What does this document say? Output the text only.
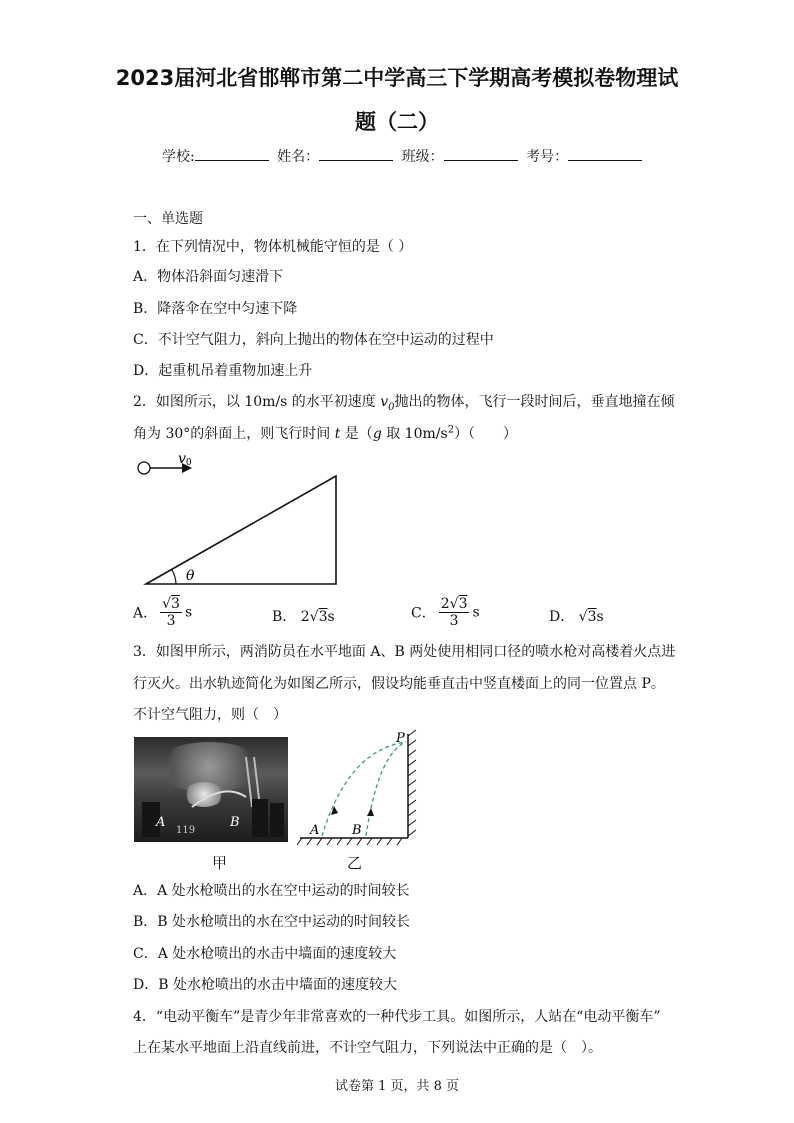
2023届河北省邯郸市第二中学高三下学期高考模拟卷物理试
题（二）
学校:	姓名：	班级：	考号：
一、单选题
1．在下列情况中，物体机械能守恒的是（ ）
A．物体沿斜面匀速滑下
B．降落伞在空中匀速下降
C．不计空气阻力，斜向上抛出的物体在空中运动的过程中
D．起重机吊着重物加速上升
2．如图所示，以 10m/s 的水平初速度 $v_0$抛出的物体，飞行一段时间后，垂直地撞在倾
角为 30°的斜面上，则飞行时间 t 是（g 取 $10m/s^2$）（　　）
v0
θ
A． $\frac{√3}{3}$ s	B． 2√3s	C． $\frac{2√3}{3}$ s	D． √3s
3．如图甲所示，两消防员在水平地面 A、B 两处使用相同口径的喷水枪对高楼着火点进
行灭火。出水轨迹简化为如图乙所示，假设均能垂直击中竖直楼面上的同一位置点 P。
不计空气阻力，则（　）
A	B
119
P
A	B
甲	乙
A．A 处水枪喷出的水在空中运动的时间较长
B．B 处水枪喷出的水在空中运动的时间较长
C．A 处水枪喷出的水击中墙面的速度较大
D．B 处水枪喷出的水击中墙面的速度较大
4．“电动平衡车”是青少年非常喜欢的一种代步工具。如图所示，人站在“电动平衡车”
上在某水平地面上沿直线前进，不计空气阻力，下列说法中正确的是（　）。
试卷第 1 页，共 8 页
